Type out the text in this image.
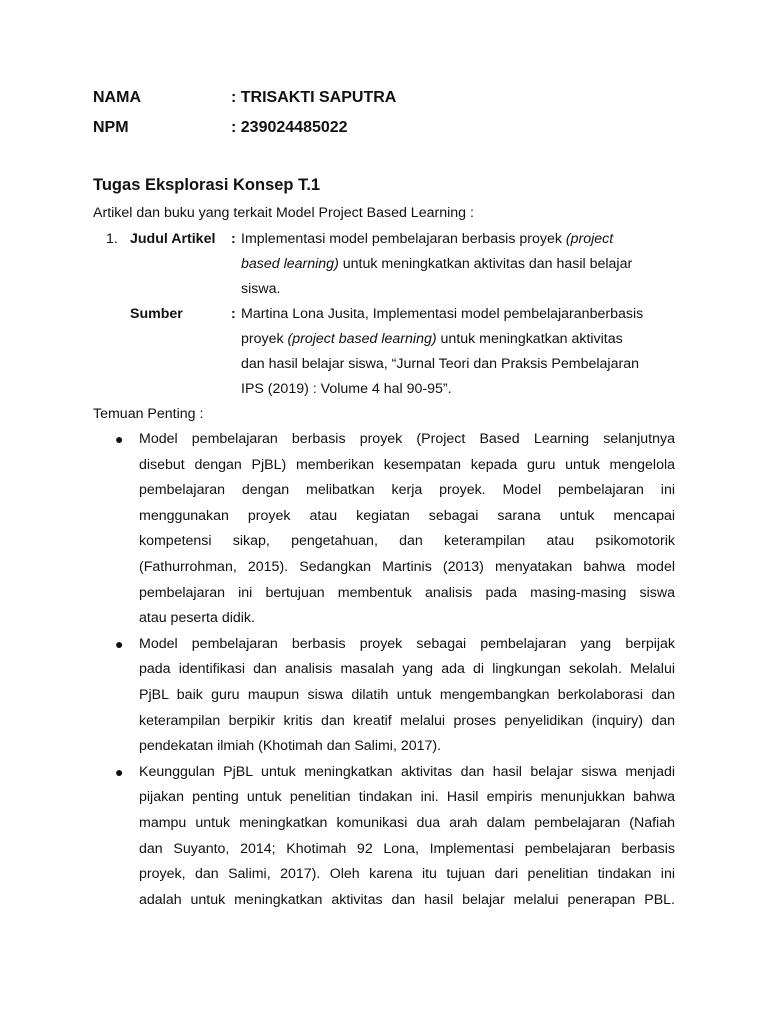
NAMA	: TRISAKTI SAPUTRA
NPM	: 239024485022
Tugas Eksplorasi Konsep T.1
Artikel dan buku yang terkait Model Project Based Learning :
1. Judul Artikel : Implementasi model pembelajaran berbasis proyek (project
based learning) untuk meningkatkan aktivitas dan hasil belajar
siswa.
Sumber	: Martina Lona Jusita, Implementasi model pembelajaranberbasis
proyek (project based learning) untuk meningkatkan aktivitas
dan hasil belajar siswa, “Jurnal Teori dan Praksis Pembelajaran
IPS (2019) : Volume 4 hal 90-95”.
Temuan Penting :
● Model pembelajaran berbasis proyek (Project Based Learning selanjutnya
disebut dengan PjBL) memberikan kesempatan kepada guru untuk mengelola
pembelajaran dengan melibatkan kerja proyek. Model pembelajaran ini
menggunakan proyek atau kegiatan sebagai sarana untuk mencapai
kompetensi sikap, pengetahuan, dan keterampilan atau psikomotorik
(Fathurrohman, 2015). Sedangkan Martinis (2013) menyatakan bahwa model
pembelajaran ini bertujuan membentuk analisis pada masing-masing siswa
atau peserta didik.
● Model pembelajaran berbasis proyek sebagai pembelajaran yang berpijak
pada identifikasi dan analisis masalah yang ada di lingkungan sekolah. Melalui
PjBL baik guru maupun siswa dilatih untuk mengembangkan berkolaborasi dan
keterampilan berpikir kritis dan kreatif melalui proses penyelidikan (inquiry) dan
pendekatan ilmiah (Khotimah dan Salimi, 2017).
● Keunggulan PjBL untuk meningkatkan aktivitas dan hasil belajar siswa menjadi
pijakan penting untuk penelitian tindakan ini. Hasil empiris menunjukkan bahwa
mampu untuk meningkatkan komunikasi dua arah dalam pembelajaran (Nafiah
dan Suyanto, 2014; Khotimah 92 Lona, Implementasi pembelajaran berbasis
proyek, dan Salimi, 2017). Oleh karena itu tujuan dari penelitian tindakan ini
adalah untuk meningkatkan aktivitas dan hasil belajar melalui penerapan PBL.
